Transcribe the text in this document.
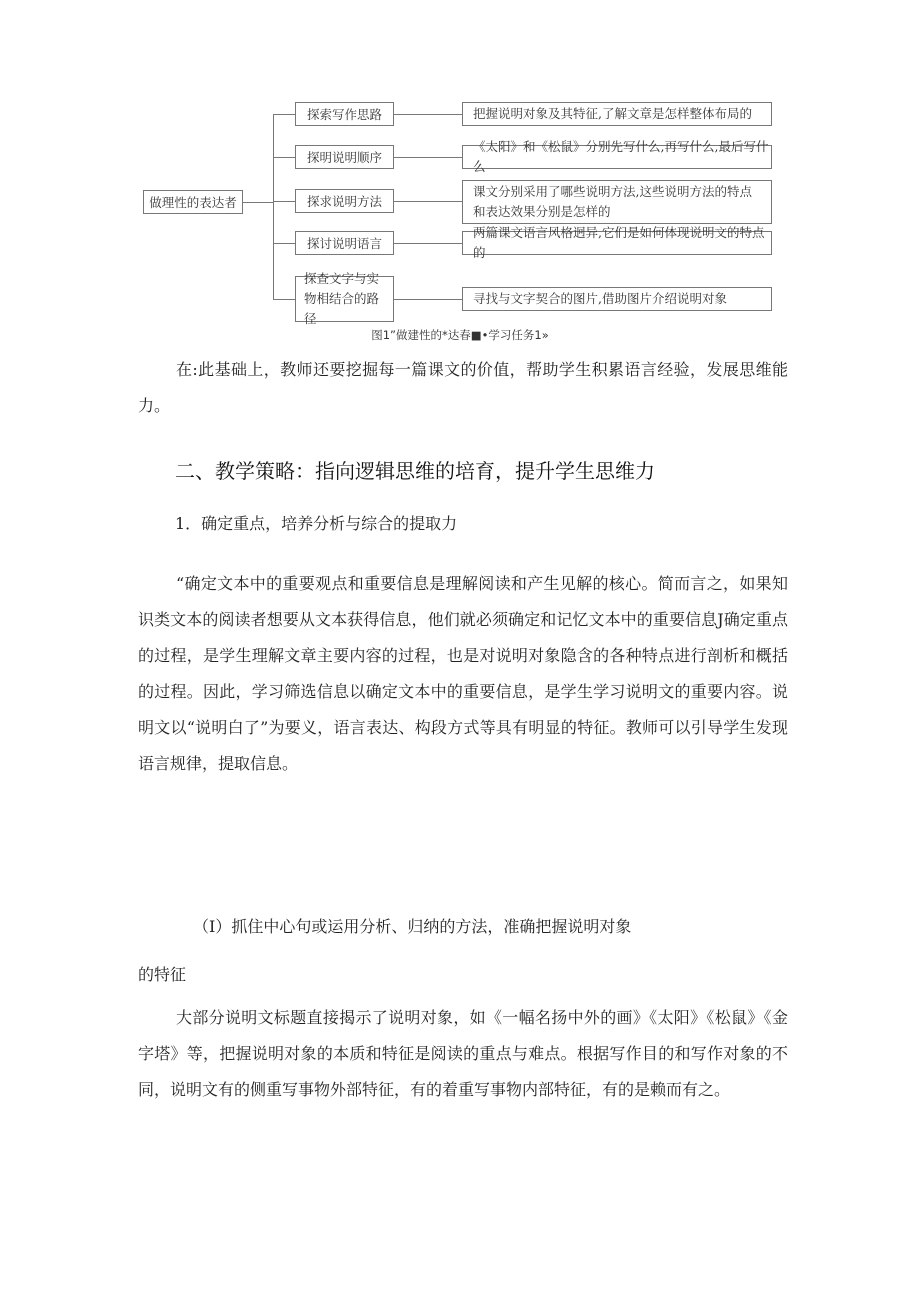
做理性的表达者
探索写作思路
探明说明顺序
探求说明方法
探讨说明语言
探查文字与实物相结合的路径
把握说明对象及其特征,了解文章是怎样整体布局的
《太阳》和《松鼠》分别先写什么,再写什么,最后写什么
课文分别采用了哪些说明方法,这些说明方法的特点和表达效果分别是怎样的
两篇课文语言风格迥异,它们是如何体现说明文的特点的
寻找与文字契合的图片,借助图片介绍说明对象
图1”做建性的*达春■•学习任务1»

在:此基础上，教师还要挖掘每一篇课文的价值，帮助学生积累语言经验，发展思维能力。

二、教学策略：指向逻辑思维的培育，提升学生思维力

1．确定重点，培养分析与综合的提取力

“确定文本中的重要观点和重要信息是理解阅读和产生见解的核心。简而言之，如果知识类文本的阅读者想要从文本获得信息，他们就必须确定和记忆文本中的重要信息J确定重点的过程，是学生理解文章主要内容的过程，也是对说明对象隐含的各种特点进行剖析和概括的过程。因此，学习筛选信息以确定文本中的重要信息，是学生学习说明文的重要内容。说明文以“说明白了”为要义，语言表达、构段方式等具有明显的特征。教师可以引导学生发现语言规律，提取信息。

（I）抓住中心句或运用分析、归纳的方法，准确把握说明对象

的特征

大部分说明文标题直接揭示了说明对象，如《一幅名扬中外的画》《太阳》《松鼠》《金字塔》等，把握说明对象的本质和特征是阅读的重点与难点。根据写作目的和写作对象的不同，说明文有的侧重写事物外部特征，有的着重写事物内部特征，有的是赖而有之。
